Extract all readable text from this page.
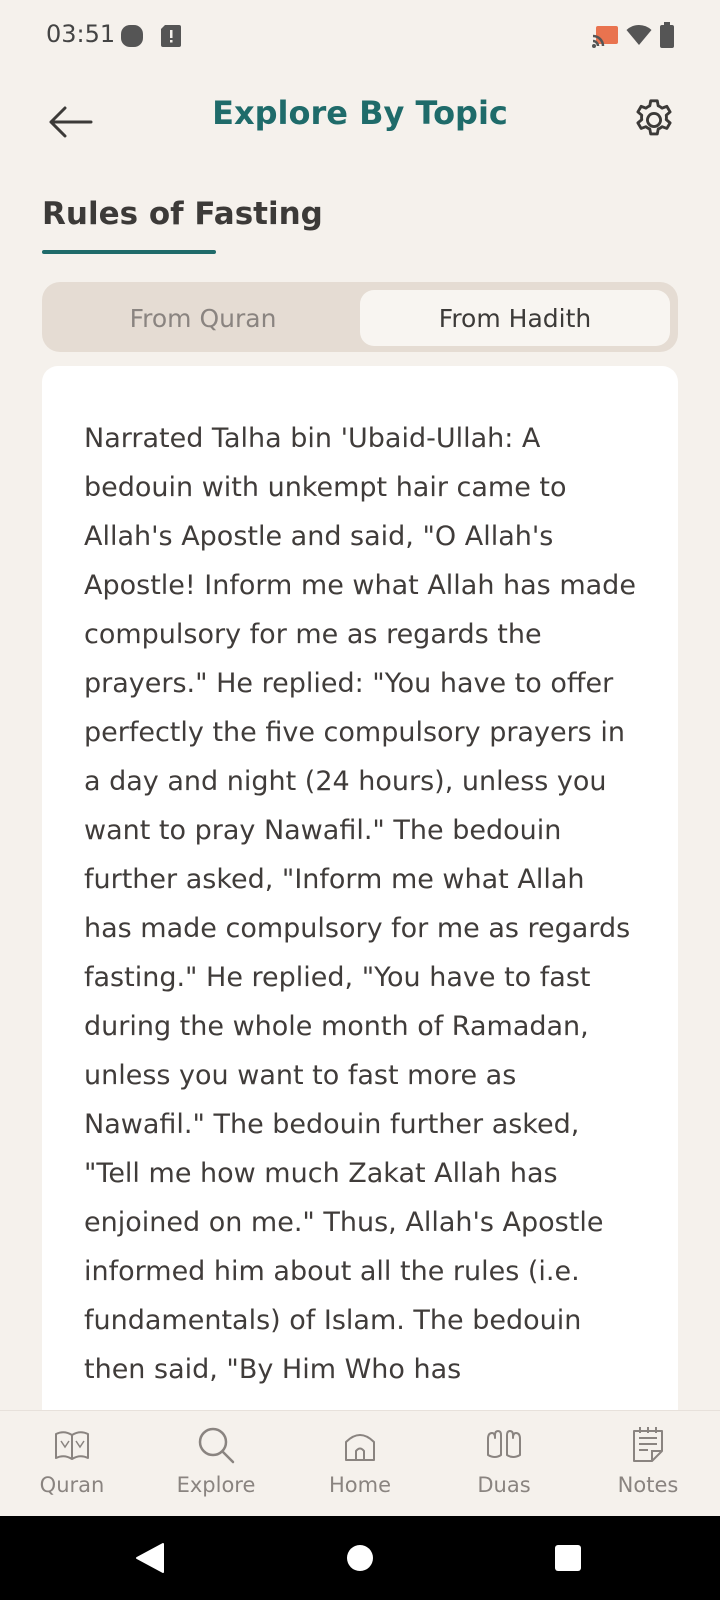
03:51
Explore By Topic
Rules of Fasting
From Quran	From Hadith

Narrated Talha bin 'Ubaid-Ullah: A bedouin with unkempt hair came to Allah's Apostle and said, "O Allah's Apostle! Inform me what Allah has made compulsory for me as regards the prayers." He replied: "You have to offer perfectly the five compulsory prayers in a day and night (24 hours), unless you want to pray Nawafil." The bedouin further asked, "Inform me what Allah has made compulsory for me as regards fasting." He replied, "You have to fast during the whole month of Ramadan, unless you want to fast more as Nawafil." The bedouin further asked, "Tell me how much Zakat Allah has enjoined on me." Thus, Allah's Apostle informed him about all the rules (i.e. fundamentals) of Islam. The bedouin then said, "By Him Who has

Quran	Explore	Home	Duas	Notes
